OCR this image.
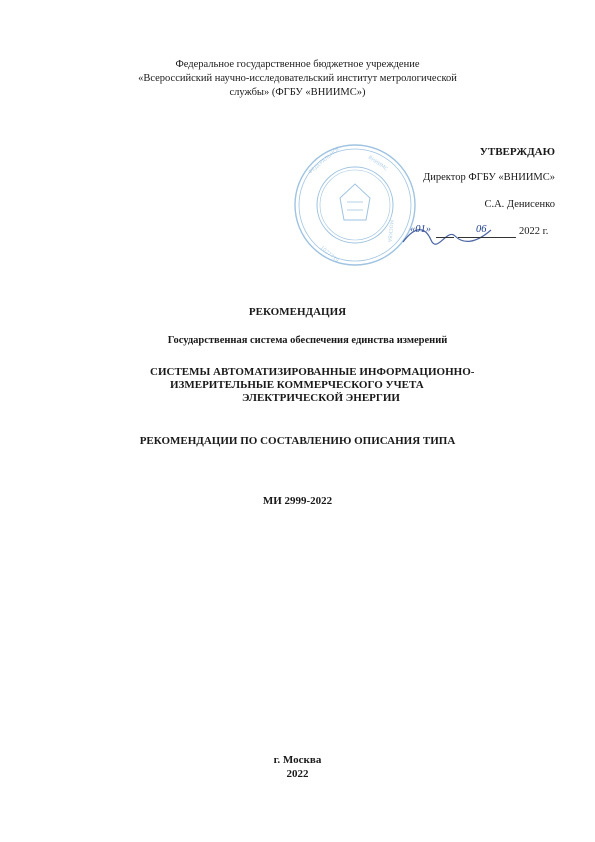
Федеральное государственное бюджетное учреждение
«Всероссийский научно-исследовательский институт метрологической
службы» (ФГБУ «ВНИИМС»)
ФЕДЕРАЛЬНОЕ	ВНИИМС
МОСКВА
1027739
УТВЕРЖДАЮ
Директор ФГБУ «ВНИИМС»
С.А. Денисенко
«01»	06	2022 г.
РЕКОМЕНДАЦИЯ
Государственная система обеспечения единства измерений
СИСТЕМЫ АВТОМАТИЗИРОВАННЫЕ ИНФОРМАЦИОННО-
ИЗМЕРИТЕЛЬНЫЕ КОММЕРЧЕСКОГО УЧЕТА
ЭЛЕКТРИЧЕСКОЙ ЭНЕРГИИ
РЕКОМЕНДАЦИИ ПО СОСТАВЛЕНИЮ ОПИСАНИЯ ТИПА
МИ 2999-2022
г. Москва
2022
